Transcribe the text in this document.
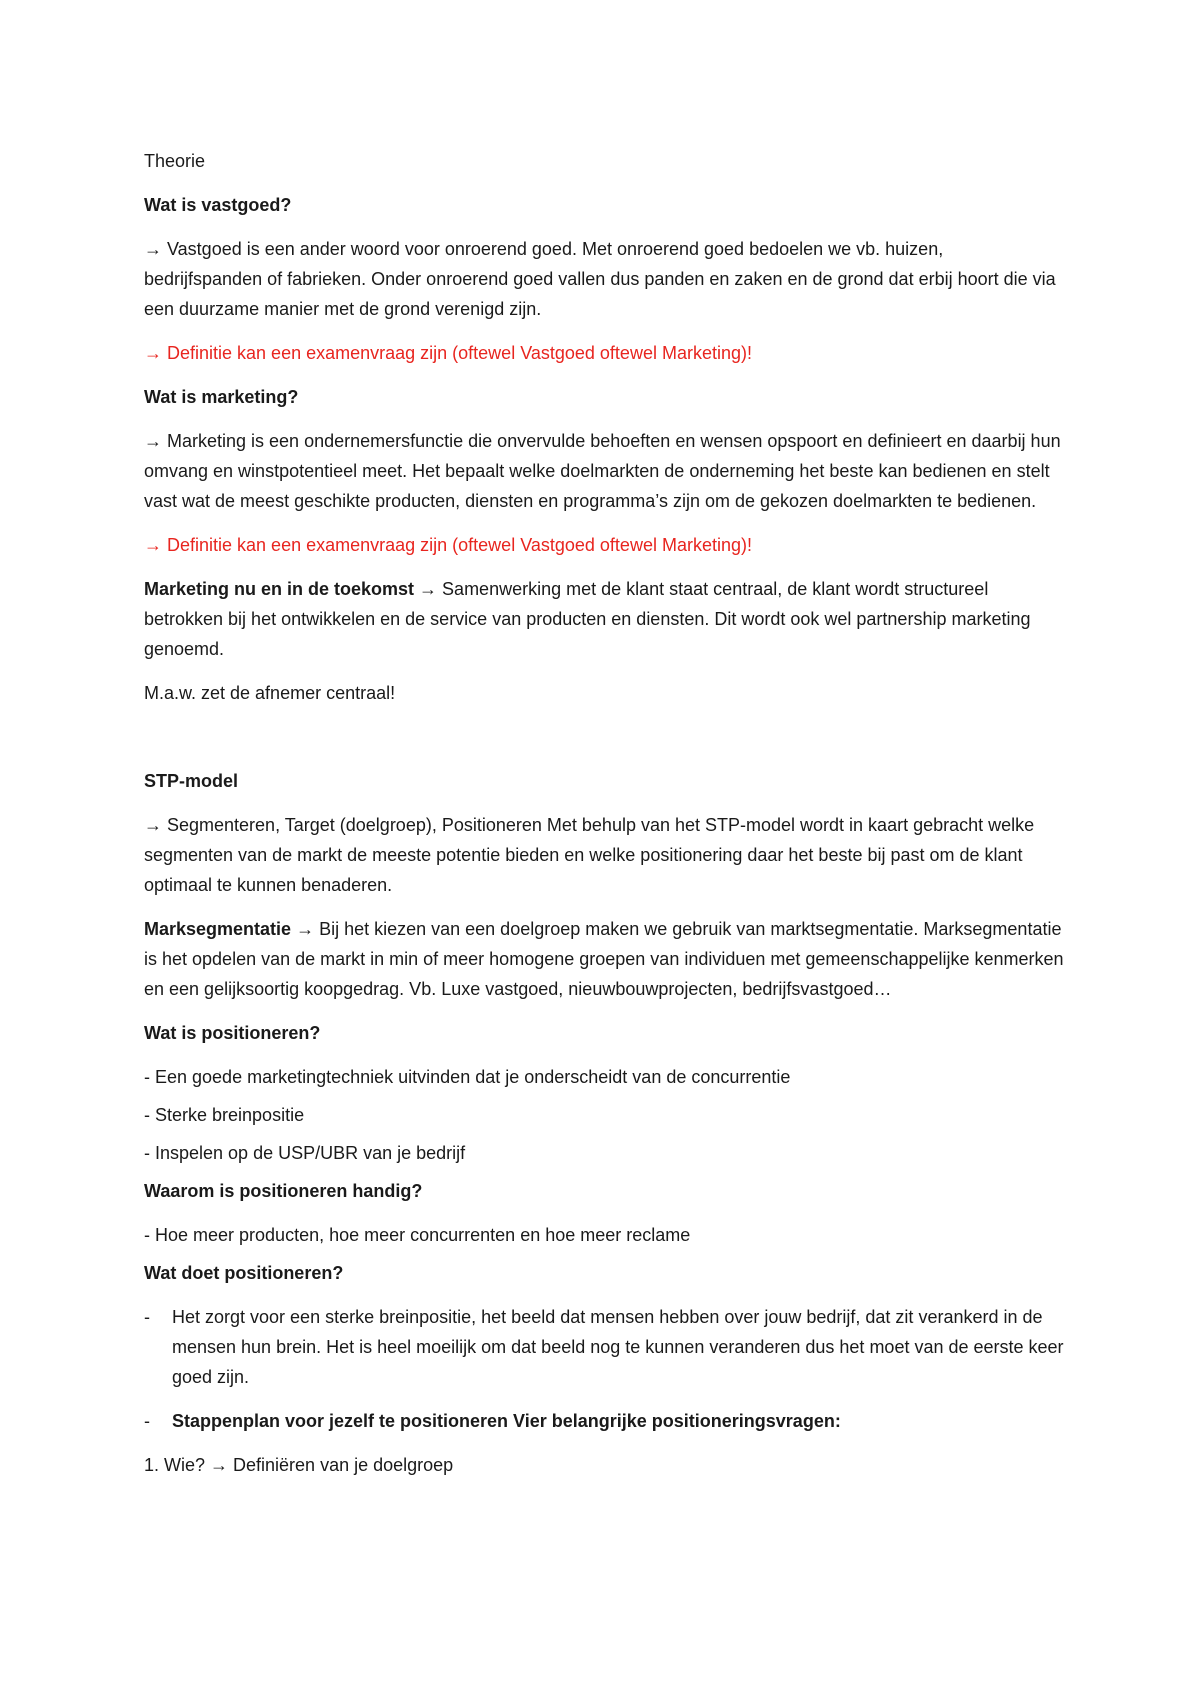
Theorie

Wat is vastgoed?

→ Vastgoed is een ander woord voor onroerend goed. Met onroerend goed bedoelen we vb. huizen, bedrijfspanden of fabrieken. Onder onroerend goed vallen dus panden en zaken en de grond dat erbij hoort die via een duurzame manier met de grond verenigd zijn.

→ Definitie kan een examenvraag zijn (oftewel Vastgoed oftewel Marketing)!

Wat is marketing?

→ Marketing is een ondernemersfunctie die onvervulde behoeften en wensen opspoort en definieert en daarbij hun omvang en winstpotentieel meet. Het bepaalt welke doelmarkten de onderneming het beste kan bedienen en stelt vast wat de meest geschikte producten, diensten en programma’s zijn om de gekozen doelmarkten te bedienen.

→ Definitie kan een examenvraag zijn (oftewel Vastgoed oftewel Marketing)!

Marketing nu en in de toekomst → Samenwerking met de klant staat centraal, de klant wordt structureel betrokken bij het ontwikkelen en de service van producten en diensten. Dit wordt ook wel partnership marketing genoemd.

M.a.w. zet de afnemer centraal!

STP-model

→ Segmenteren, Target (doelgroep), Positioneren Met behulp van het STP-model wordt in kaart gebracht welke segmenten van de markt de meeste potentie bieden en welke positionering daar het beste bij past om de klant optimaal te kunnen benaderen.

Marksegmentatie → Bij het kiezen van een doelgroep maken we gebruik van marktsegmentatie. Marksegmentatie is het opdelen van de markt in min of meer homogene groepen van individuen met gemeenschappelijke kenmerken en een gelijksoortig koopgedrag. Vb. Luxe vastgoed, nieuwbouwprojecten, bedrijfsvastgoed…

Wat is positioneren?

- Een goede marketingtechniek uitvinden dat je onderscheidt van de concurrentie

- Sterke breinpositie

- Inspelen op de USP/UBR van je bedrijf

Waarom is positioneren handig?

- Hoe meer producten, hoe meer concurrenten en hoe meer reclame

Wat doet positioneren?

-	Het zorgt voor een sterke breinpositie, het beeld dat mensen hebben over jouw bedrijf, dat zit verankerd in de mensen hun brein. Het is heel moeilijk om dat beeld nog te kunnen veranderen dus het moet van de eerste keer goed zijn.
-	Stappenplan voor jezelf te positioneren Vier belangrijke positioneringsvragen:

1. Wie? → Definiëren van je doelgroep
